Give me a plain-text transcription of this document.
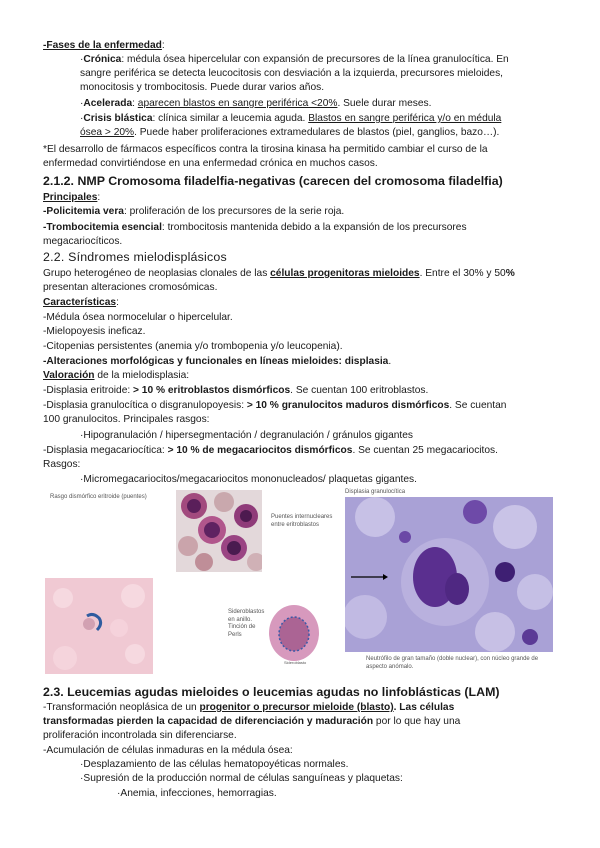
-Fases de la enfermedad:
·Crónica: médula ósea hipercelular con expansión de precursores de la línea granulocítica. En
sangre periférica se detecta leucocitosis con desviación a la izquierda, precursores mieloides,
monocitosis y trombocitosis. Puede durar varios años.
·Acelerada: aparecen blastos en sangre periférica <20%. Suele durar meses.
·Crisis blástica: clínica similar a leucemia aguda. Blastos en sangre periférica y/o en médula
ósea > 20%. Puede haber proliferaciones extramedulares de blastos (piel, ganglios, bazo…).
*El desarrollo de fármacos específicos contra la tirosina kinasa ha permitido cambiar el curso de la
enfermedad convirtiéndose en una enfermedad crónica en muchos casos.
2.1.2. NMP Cromosoma filadelfia-negativas (carecen del cromosoma filadelfia)
Principales:
-Policitemia vera: proliferación de los precursores de la serie roja.
-Trombocitemia esencial: trombocitosis mantenida debido a la expansión de los precursores
megacariocíticos.
2.2. Síndromes mielodisplásicos
Grupo heterogéneo de neoplasias clonales de las células progenitoras mieloides. Entre el 30% y 50%
presentan alteraciones cromosómicas.
Características:
-Médula ósea normocelular o hipercelular.
-Mielopoyesis ineficaz.
-Citopenias persistentes (anemia y/o trombopenia y/o leucopenia).
-Alteraciones morfológicas y funcionales en líneas mieloides: displasia.
Valoración de la mielodisplasia:
-Displasia eritroide: > 10 % eritroblastos dismórficos. Se cuentan 100 eritroblastos.
-Displasia granulocítica o disgranulopoyesis: > 10 % granulocitos maduros dismórficos. Se cuentan
100 granulocitos. Principales rasgos:
·Hipogranulación / hipersegmentación / degranulación / gránulos gigantes
-Displasia megacariocítica: > 10 % de megacariocitos dismórficos. Se cuentan 25 megacariocitos.
Rasgos:
·Micromegacariocitos/megacariocitos mononucleados/ plaquetas gigantes.
Rasgo dismórfico eritroide (puentes)
Puentes internucleares entre eritroblastos
Displasia granulocítica
Sideroblastos en anillo. Tinción de Perls
Sideroblasto
Neutrófilo de gran tamaño (doble nuclear), con núcleo grande de aspecto anómalo.
2.3. Leucemias agudas mieloides o leucemias agudas no linfoblásticas (LAM)
-Transformación neoplásica de un progenitor o precursor mieloide (blasto). Las células
transformadas pierden la capacidad de diferenciación y maduración por lo que hay una
proliferación incontrolada sin diferenciarse.
-Acumulación de células inmaduras en la médula ósea:
·Desplazamiento de las células hematopoyéticas normales.
·Supresión de la producción normal de células sanguíneas y plaquetas:
·Anemia, infecciones, hemorragias.
